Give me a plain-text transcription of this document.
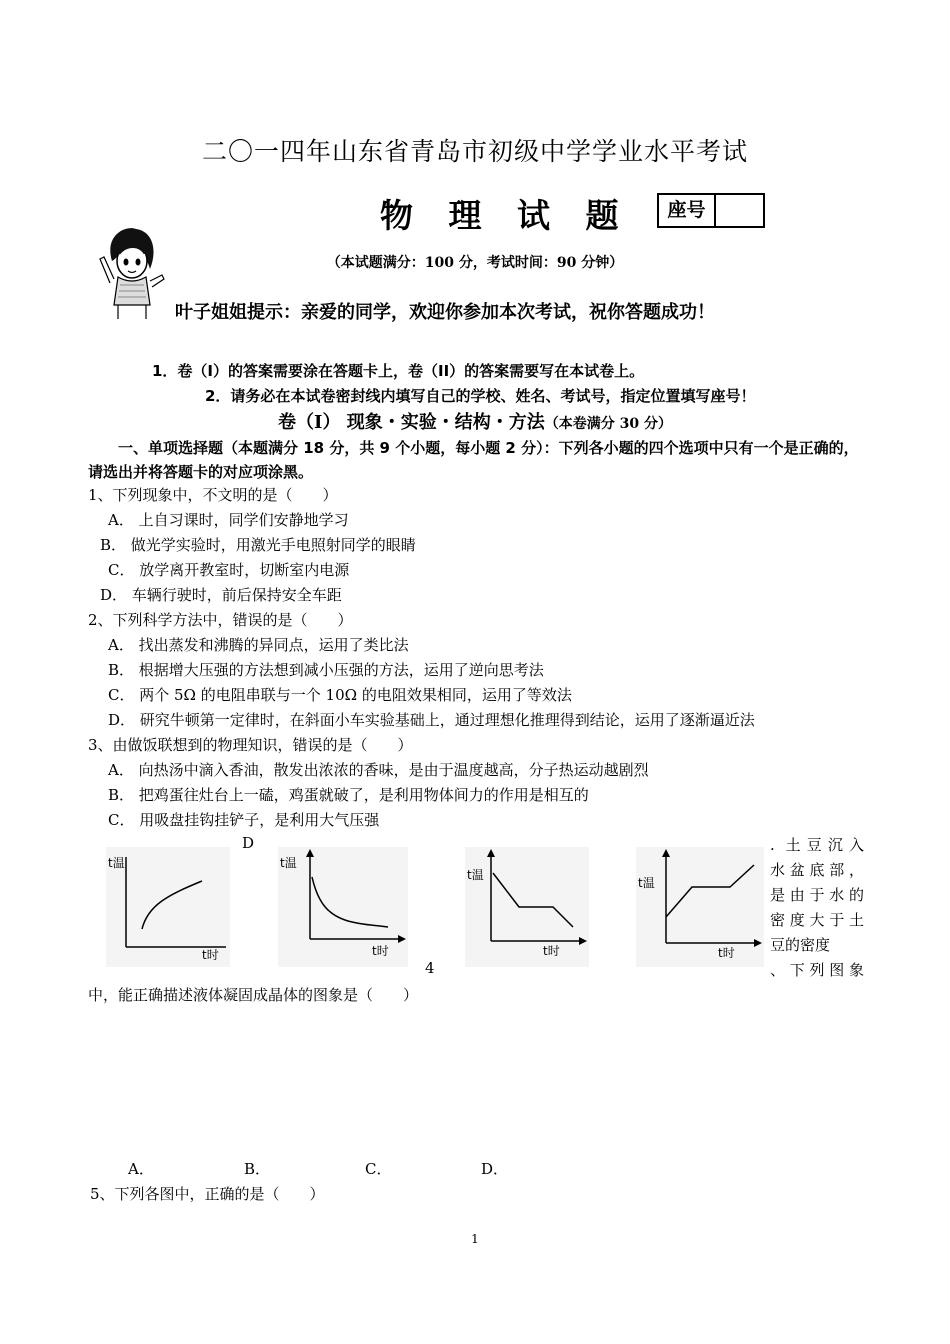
二〇一四年山东省青岛市初级中学学业水平考试
物 理 试 题	座号
（本试题满分：100 分，考试时间：90 分钟）
叶子姐姐提示：亲爱的同学，欢迎你参加本次考试，祝你答题成功！
1．卷（I）的答案需要涂在答题卡上，卷（II）的答案需要写在本试卷上。
2．请务必在本试卷密封线内填写自己的学校、姓名、考试号，指定位置填写座号！
卷（I） 现象・实验・结构・方法（本卷满分 30 分）
一、单项选择题（本题满分 18 分，共 9 个小题，每小题 2 分）：下列各小题的四个选项中只有一个是正确的，请选出并将答题卡的对应项涂黑。
1、下列现象中，不文明的是（　　）
A． 上自习课时，同学们安静地学习
B． 做光学实验时，用激光手电照射同学的眼睛
C． 放学离开教室时，切断室内电源
D． 车辆行驶时，前后保持安全车距
2、下列科学方法中，错误的是（　　）
A． 找出蒸发和沸腾的异同点，运用了类比法
B． 根据增大压强的方法想到减小压强的方法，运用了逆向思考法
C． 两个 5Ω 的电阻串联与一个 10Ω 的电阻效果相同，运用了等效法
D． 研究牛顿第一定律时，在斜面小车实验基础上，通过理想化推理得到结论，运用了逐渐逼近法
3、由做饭联想到的物理知识，错误的是（　　）
A． 向热汤中滴入香油，散发出浓浓的香味，是由于温度越高，分子热运动越剧烈
B． 把鸡蛋往灶台上一磕，鸡蛋就破了，是利用物体间力的作用是相互的
C． 用吸盘挂钩挂铲子，是利用大气压强
D	. 土豆沉入
水盆底部，
是由于水的
密度大于土
豆的密度
t温
t时
t温
t时
t温
t时
t温
t时
4	、下列图象
中，能正确描述液体凝固成晶体的图象是（　　）
A．	B．	C．	D．
5、下列各图中，正确的是（　　）
1
